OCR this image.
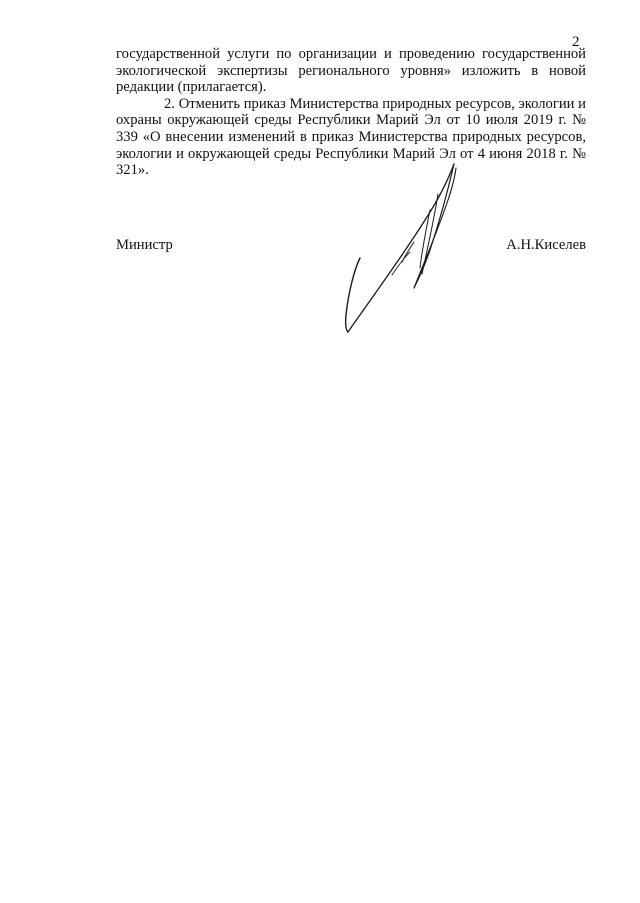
2

государственной услуги по организации и проведению государственной экологической экспертизы регионального уровня» изложить в новой редакции (прилагается).

2. Отменить приказ Министерства природных ресурсов, экологии и охраны окружающей среды Республики Марий Эл от 10 июля 2019 г. № 339 «О внесении изменений в приказ Министерства природных ресурсов, экологии и окружающей среды Республики Марий Эл от 4 июня 2018 г. № 321».

Министр	А.Н.Киселев
